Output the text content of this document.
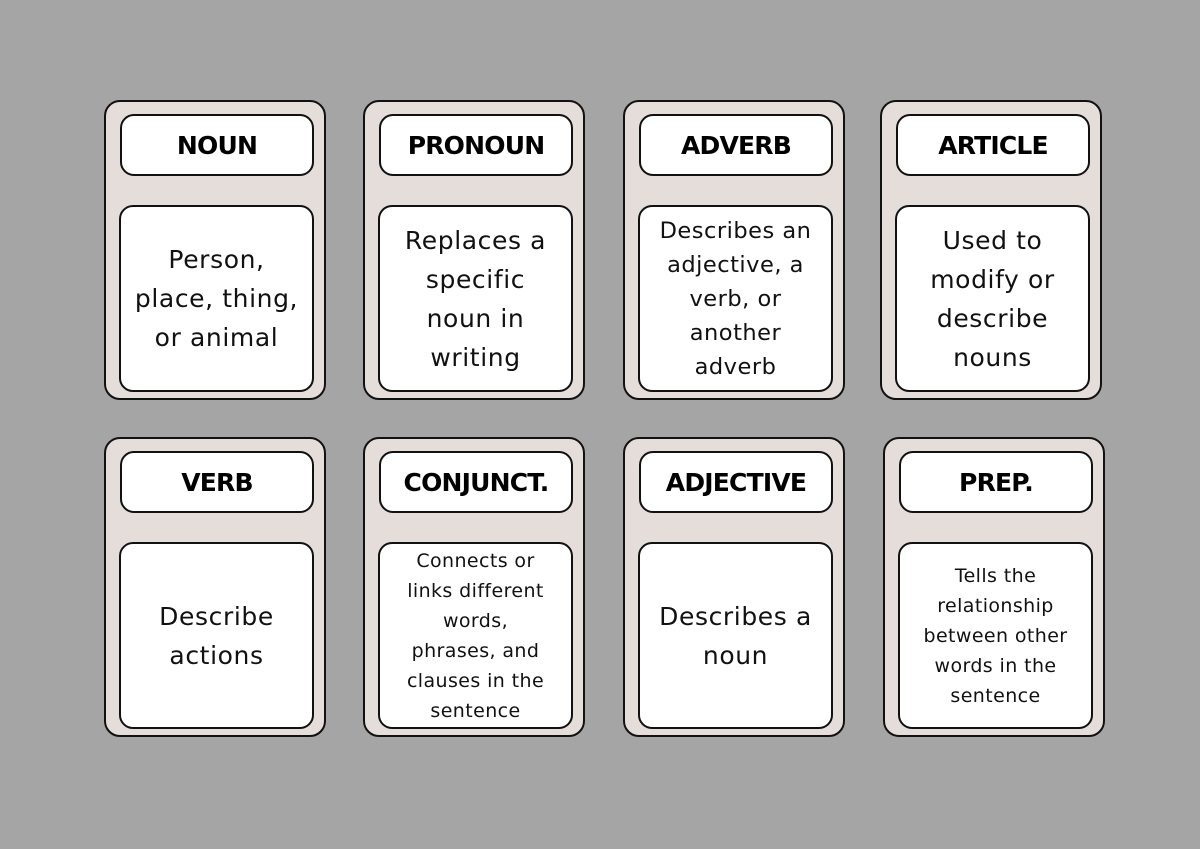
NOUN
Person,
place, thing,
or animal
PRONOUN
Replaces a
specific
noun in
writing
ADVERB
Describes an
adjective, a
verb, or
another
adverb
ARTICLE
Used to
modify or
describe
nouns
VERB
Describe
actions
CONJUNCT.
Connects or
links different
words,
phrases, and
clauses in the
sentence
ADJECTIVE
Describes a
noun
PREP.
Tells the
relationship
between other
words in the
sentence
